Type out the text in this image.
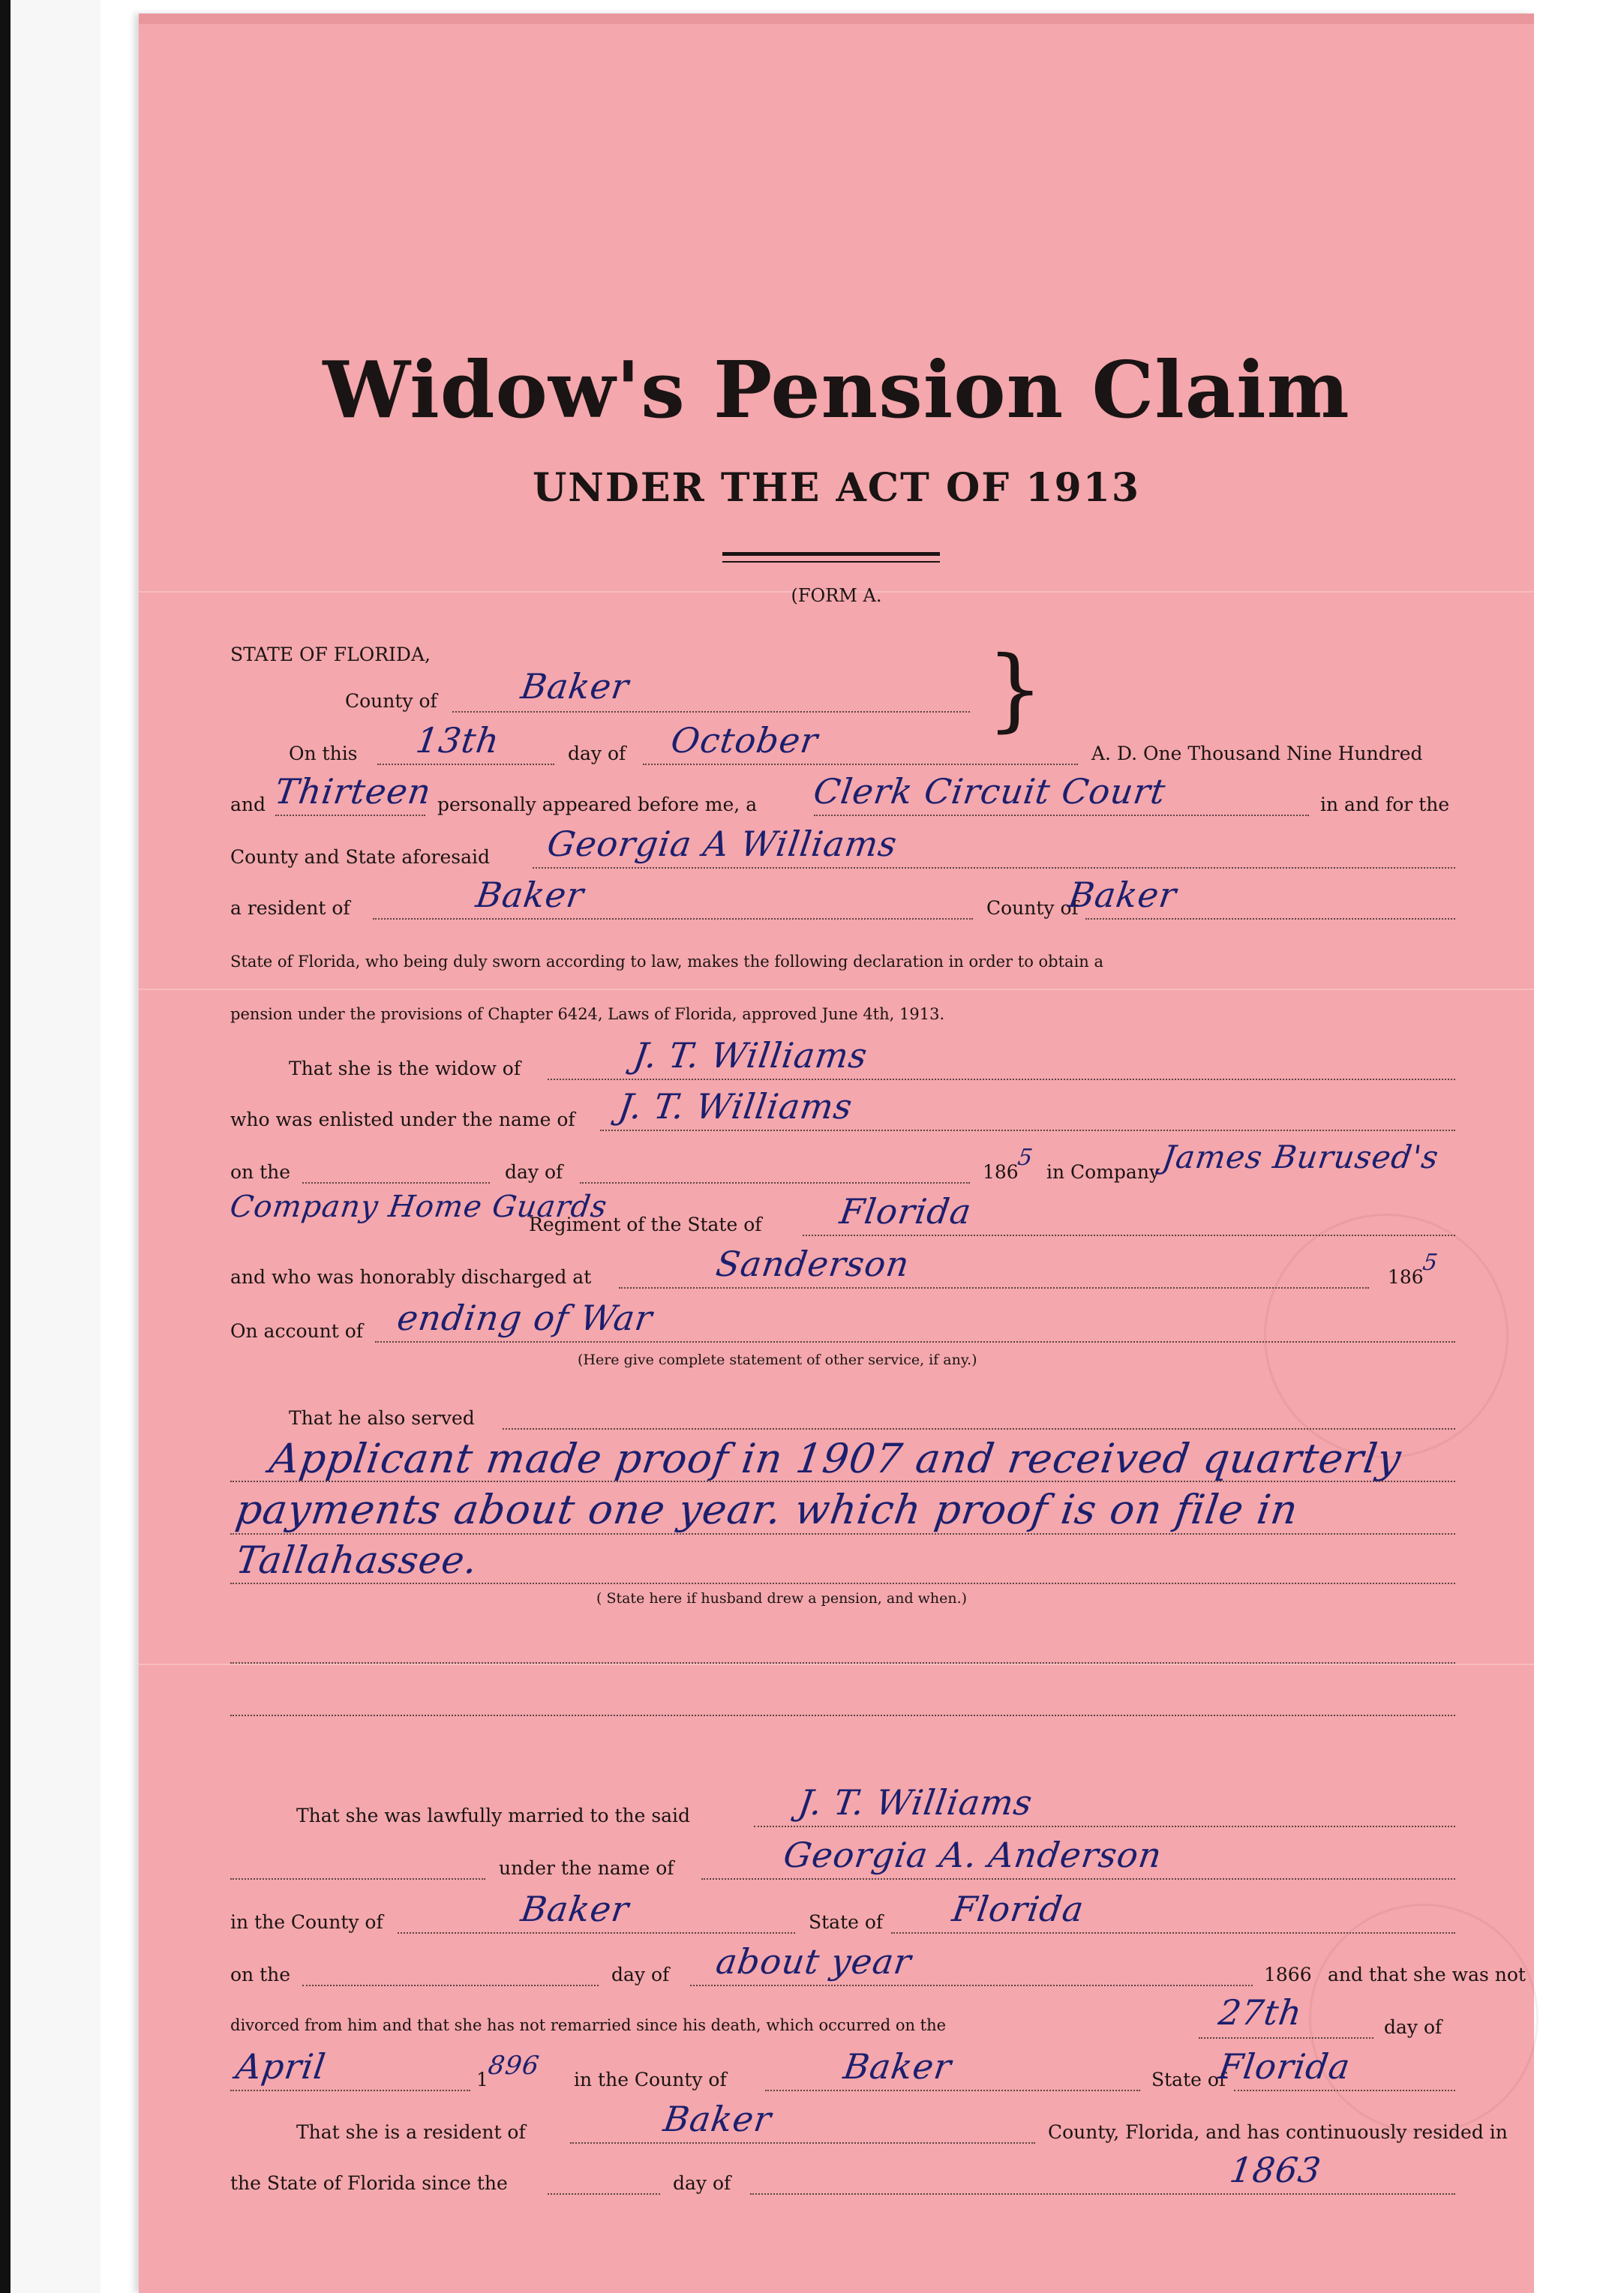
Widow's Pension Claim
UNDER THE ACT OF 1913
(FORM A.
STATE OF FLORIDA,
County of Baker	}
On this 13th	day of October	A. D. One Thousand Nine Hundred
and Thirteen personally appeared before me, a Clerk Circuit Court	in and for the
County and State aforesaid Georgia A Williams
a resident of	Baker	County of
Baker
State of Florida, who being duly sworn according to law, makes the following declaration in order to obtain a
pension under the provisions of Chapter 6424, Laws of Florida, approved June 4th, 1913.
That she is the widow of	J. T. Williams
who was enlisted under the name of J. T. Williams
on the	day of	186
5
in Company James Burused's
Company Home Guards
Regiment of the State of Florida
and who was honorably discharged at	Sanderson	186
5
On account of ending of War
(Here give complete statement of other service, if any.)
That he also served
Applicant made proof in 1907 and received quarterly
payments about one year. which proof is on file in
Tallahassee.
( State here if husband drew a pension, and when.)
That she was lawfully married to the said	J. T. Williams
under the name of	Georgia A. Anderson
in the County of	Baker	State of Florida
on the	day of about year	1866 and that she was not
divorced from him and that she has not remarried since his death, which occurred on the	27th	day of
April	1
896 in the County of	Baker	State of
Florida
That she is a resident of	Baker	County, Florida, and has continuously resided in
the State of Florida since the	day of	1863
